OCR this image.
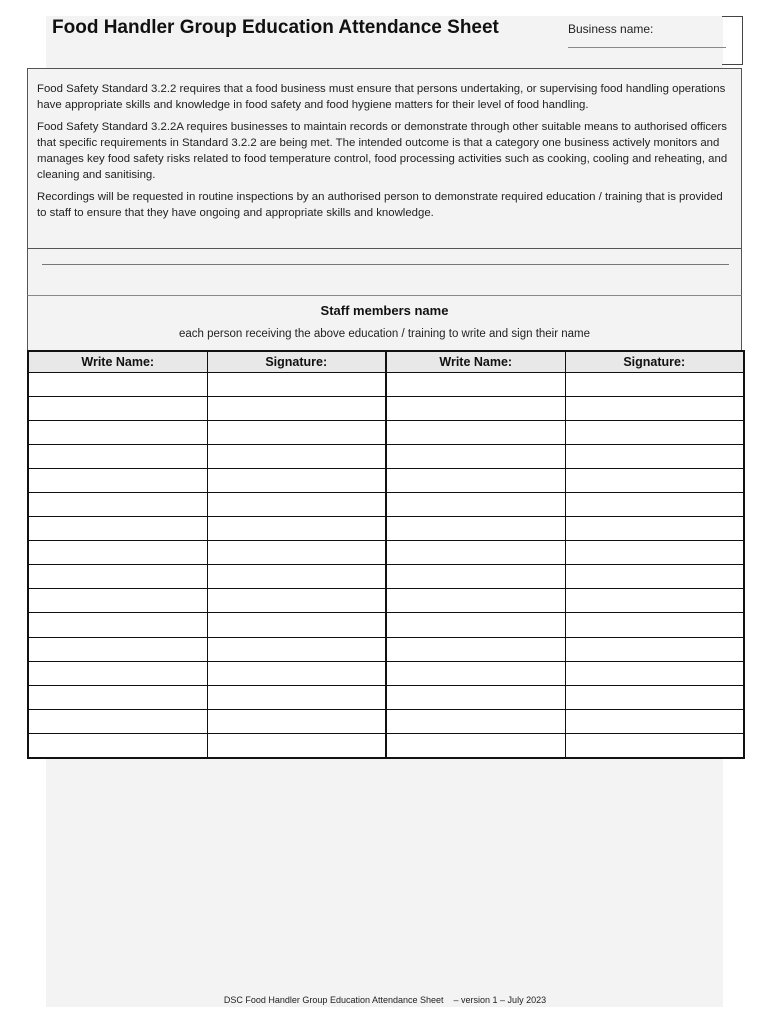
Food Handler Group Education Attendance Sheet	Business name:

Food Safety Standard 3.2.2 requires that a food business must ensure that persons undertaking, or supervising food handling operations have appropriate skills and knowledge in food safety and food hygiene matters for their level of food handling.

Food Safety Standard 3.2.2A requires businesses to maintain records or demonstrate through other suitable means to authorised officers that specific requirements in Standard 3.2.2 are being met. The intended outcome is that a category one business actively monitors and manages key food safety risks related to food temperature control, food processing activities such as cooking, cooling and reheating, and cleaning and sanitising.

Recordings will be requested in routine inspections by an authorised person to demonstrate required education / training that is provided to staff to ensure that they have ongoing and appropriate skills and knowledge.

Staff members name
each person receiving the above education / training to write and sign their name
Write Name:	Signature:	Write Name:	Signature:

DSC Food Handler Group Education Attendance Sheet    – version 1 – July 2023
